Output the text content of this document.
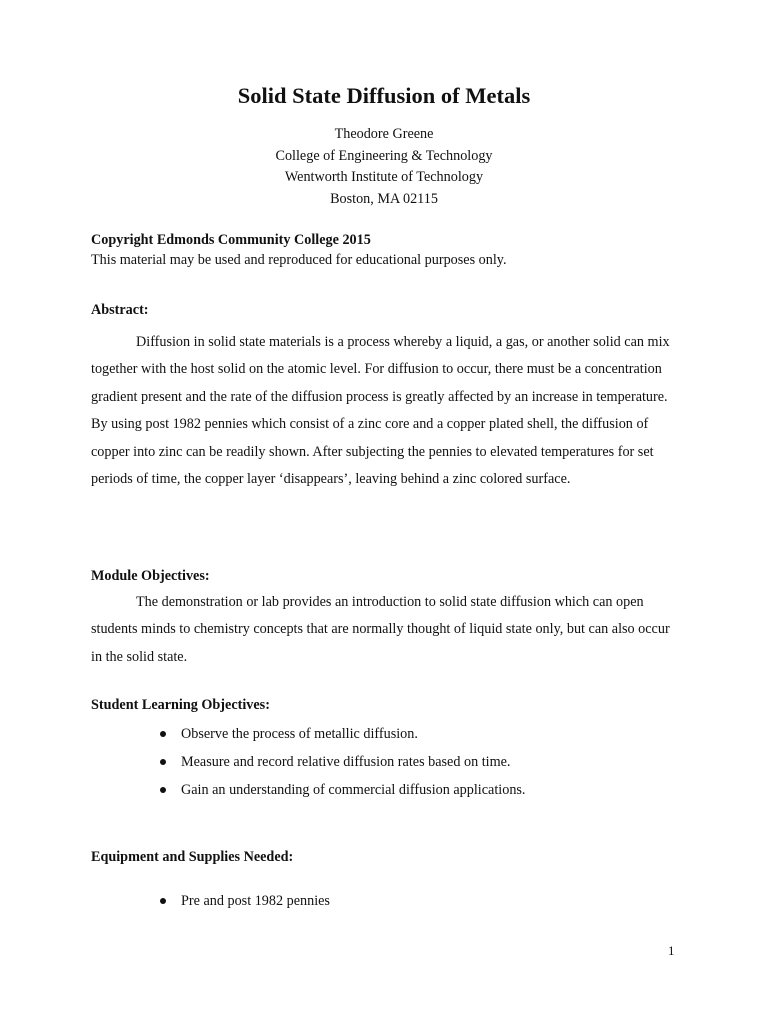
Solid State Diffusion of Metals
Theodore Greene
College of Engineering & Technology
Wentworth Institute of Technology
Boston, MA 02115
Copyright Edmonds Community College 2015
This material may be used and reproduced for educational purposes only.
Abstract:
Diffusion in solid state materials is a process whereby a liquid, a gas, or another solid can mix together with the host solid on the atomic level. For diffusion to occur, there must be a concentration gradient present and the rate of the diffusion process is greatly affected by an increase in temperature. By using post 1982 pennies which consist of a zinc core and a copper plated shell, the diffusion of copper into zinc can be readily shown. After subjecting the pennies to elevated temperatures for set periods of time, the copper layer ‘disappears’, leaving behind a zinc colored surface.
Module Objectives:
The demonstration or lab provides an introduction to solid state diffusion which can open students minds to chemistry concepts that are normally thought of liquid state only, but can also occur in the solid state.
Student Learning Objectives:
Observe the process of metallic diffusion.
Measure and record relative diffusion rates based on time.
Gain an understanding of commercial diffusion applications.
Equipment and Supplies Needed:
Pre and post 1982 pennies
1
